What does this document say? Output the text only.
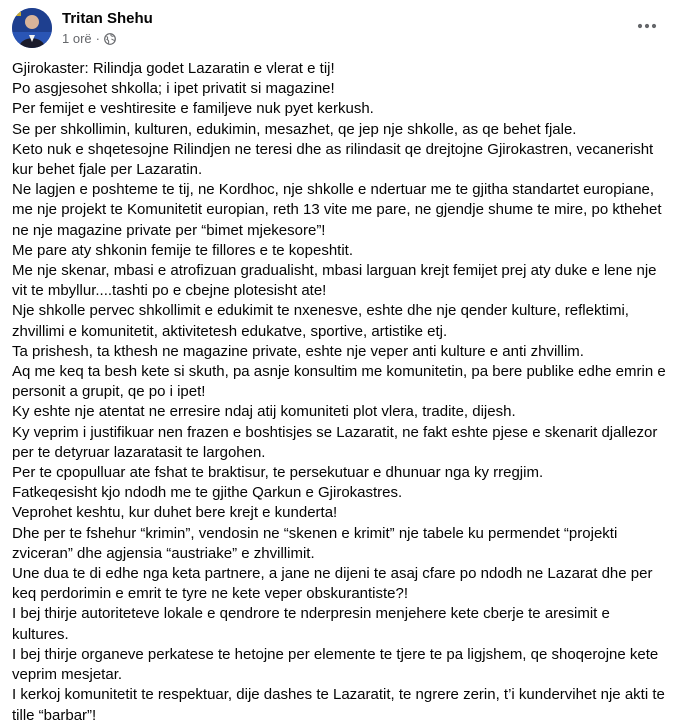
Tritan Shehu
1 orë ·

Gjirokaster: Rilindja godet Lazaratin e vlerat e tij!

Po asgjesohet shkolla; i ipet privatit si magazine!

Per femijet e veshtiresite e familjeve nuk pyet kerkush.

Se per shkollimin, kulturen, edukimin, mesazhet, qe jep nje shkolle, as qe behet fjale.

Keto nuk e shqetesojne Rilindjen ne teresi dhe as rilindasit qe drejtojne Gjirokastren, vecanerisht kur behet fjale per Lazaratin.

Ne lagjen e poshteme te tij, ne Kordhoc, nje shkolle e ndertuar me te gjitha standartet europiane, me nje projekt te Komunitetit europian, reth 13 vite me pare, ne gjendje shume te mire, po kthehet ne nje magazine private per “bimet mjekesore”!

Me pare aty shkonin femije te fillores e te kopeshtit.

Me nje skenar, mbasi e atrofizuan gradualisht, mbasi larguan krejt femijet prej aty duke e lene nje vit te mbyllur....tashti po e cbejne plotesisht ate!

Nje shkolle pervec shkollimit e edukimit te nxenesve, eshte dhe nje qender kulture, reflektimi, zhvillimi e komunitetit, aktivitetesh edukatve, sportive, artistike etj.

Ta prishesh, ta kthesh ne magazine private, eshte nje veper anti kulture e anti zhvillim.

Aq me keq ta besh kete si skuth, pa asnje konsultim me komunitetin, pa bere publike edhe emrin e personit a grupit, qe po i ipet!

Ky eshte nje atentat ne erresire ndaj atij komuniteti plot vlera, tradite, dijesh.

Ky veprim i justifikuar nen frazen e boshtisjes se Lazaratit, ne fakt eshte pjese e skenarit djallezor per te detyruar lazaratasit te largohen.

Per te cpopulluar ate fshat te braktisur, te persekutuar e dhunuar nga ky rregjim.

Fatkeqesisht kjo ndodh me te gjithe Qarkun e Gjirokastres.

Veprohet keshtu, kur duhet bere krejt e kunderta!

Dhe per te fshehur “krimin”, vendosin ne “skenen e krimit” nje tabele ku permendet “projekti zviceran” dhe agjensia “austriake” e zhvillimit.

Une dua te di edhe nga keta partnere, a jane ne dijeni te asaj cfare po ndodh ne Lazarat dhe per keq perdorimin e emrit te tyre ne kete veper obskurantiste?!

I bej thirje autoriteteve lokale e qendrore te nderpresin menjehere kete cberje te aresimit e kultures.

I bej thirje organeve perkatese te hetojne per elemente te tjere te pa ligjshem, qe shoqerojne kete veprim mesjetar.

I kerkoj komunitetit te respektuar, dije dashes te Lazaratit, te ngrere zerin, t’i kundervihet nje akti te tille “barbar”!
